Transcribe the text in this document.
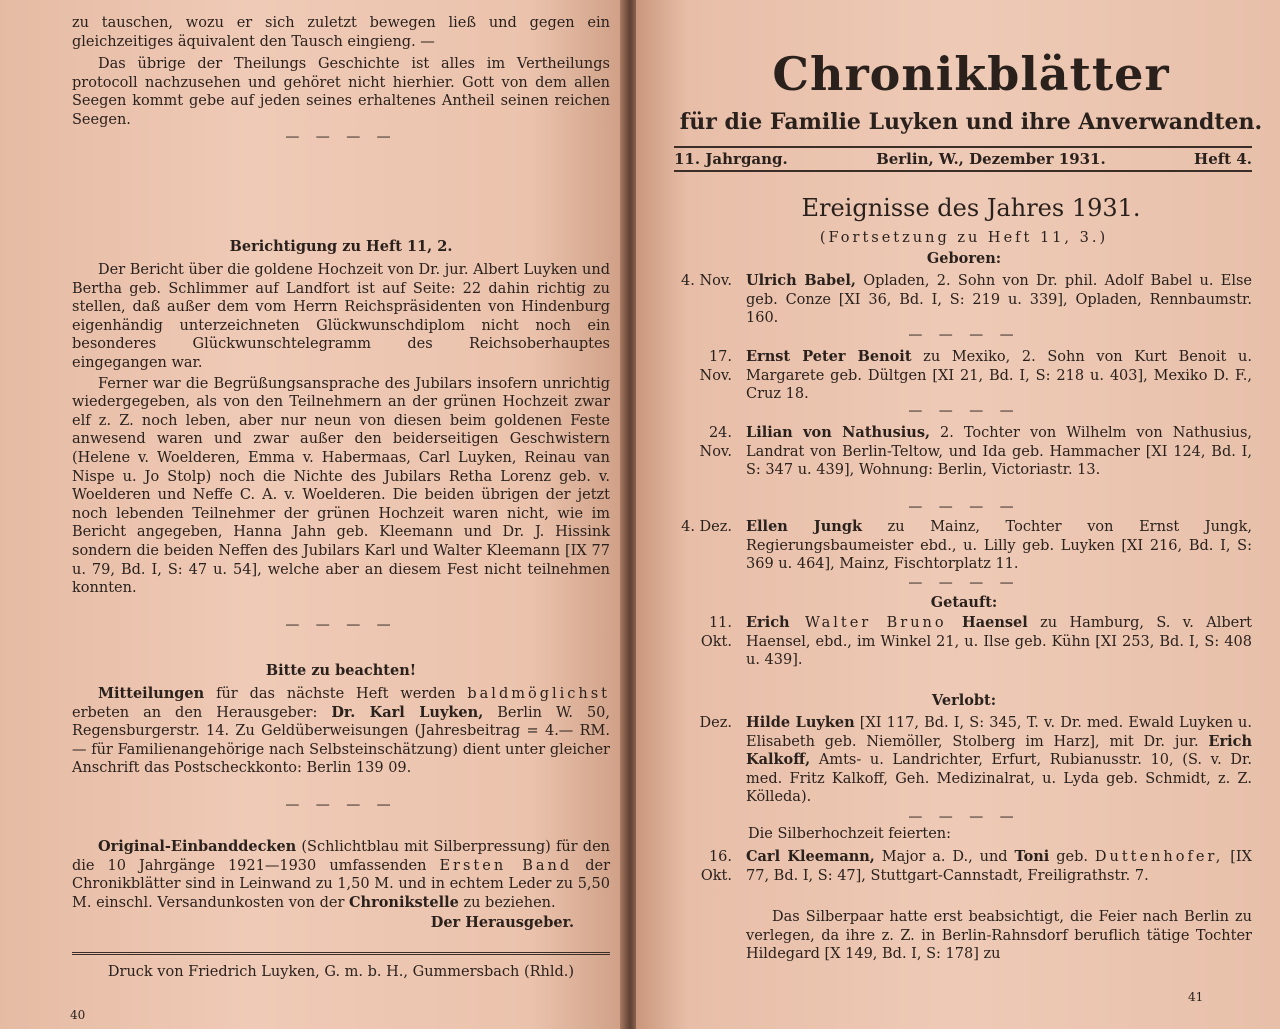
zu tauschen, wozu er sich zuletzt bewegen ließ und gegen ein gleichzeitiges äquivalent den Tausch eingieng. —

Das übrige der Theilungs Geschichte ist alles im Vertheilungs protocoll nachzusehen und gehöret nicht hierhier. Gott von dem allen Seegen kommt gebe auf jeden seines erhaltenes Antheil seinen reichen Seegen.

— — — —

Berichtigung zu Heft 11, 2.

Der Bericht über die goldene Hochzeit von Dr. jur. Albert Luyken und Bertha geb. Schlimmer auf Landfort ist auf Seite: 22 dahin richtig zu stellen, daß außer dem vom Herrn Reichspräsidenten von Hindenburg eigenhändig unterzeichneten Glückwunschdiplom nicht noch ein besonderes Glückwunschtelegramm des Reichsoberhauptes eingegangen war.

Ferner war die Begrüßungsansprache des Jubilars insofern unrichtig wiedergegeben, als von den Teilnehmern an der grünen Hochzeit zwar elf z. Z. noch leben, aber nur neun von diesen beim goldenen Feste anwesend waren und zwar außer den beiderseitigen Geschwistern (Helene v. Woelderen, Emma v. Habermaas, Carl Luyken, Reinau van Nispe u. Jo Stolp) noch die Nichte des Jubilars Retha Lorenz geb. v. Woelderen und Neffe C. A. v. Woelderen. Die beiden übrigen der jetzt noch lebenden Teilnehmer der grünen Hochzeit waren nicht, wie im Bericht angegeben, Hanna Jahn geb. Kleemann und Dr. J. Hissink sondern die beiden Neffen des Jubilars Karl und Walter Kleemann [IX 77 u. 79, Bd. I, S: 47 u. 54], welche aber an diesem Fest nicht teilnehmen konnten.

— — — —

Bitte zu beachten!

Mitteilungen für das nächste Heft werden baldmöglichst erbeten an den Herausgeber: Dr. Karl Luyken, Berlin W. 50, Regensburgerstr. 14. Zu Geldüberweisungen (Jahresbeitrag = 4.— RM. — für Familienangehörige nach Selbsteinschätzung) dient unter gleicher Anschrift das Postscheckkonto: Berlin 139 09.

— — — —

Original-Einbanddecken (Schlichtblau mit Silberpressung) für den die 10 Jahrgänge 1921—1930 umfassenden Ersten Band der Chronikblätter sind in Leinwand zu 1,50 M. und in echtem Leder zu 5,50 M. einschl. Versandunkosten von der Chronikstelle zu beziehen.

Der Herausgeber.

Druck von Friedrich Luyken, G. m. b. H., Gummersbach (Rhld.)
40
Chronikblätter
für die Familie Luyken und ihre Anverwandten.
11. Jahrgang.	Berlin, W., Dezember 1931.	Heft 4.
Ereignisse des Jahres 1931.
(Fortsetzung zu Heft 11, 3.)
Geboren:
4. Nov. Ulrich Babel, Opladen, 2. Sohn von Dr. phil. Adolf Babel u. Else geb. Conze [XI 36, Bd. I, S: 219 u. 339], Opladen, Rennbaumstr. 160.
— — — —
17. Nov.
Ernst Peter Benoit zu Mexiko, 2. Sohn von Kurt Benoit u. Margarete geb. Dültgen [XI 21, Bd. I, S: 218 u. 403], Mexiko D. F., Cruz 18.
— — — —
24. Nov.
Lilian von Nathusius, 2. Tochter von Wilhelm von Nathusius, Landrat von Berlin-Teltow, und Ida geb. Hammacher [XI 124, Bd. I, S: 347 u. 439], Wohnung: Berlin, Victoriastr. 13.
— — — —
4. Dez. Ellen Jungk zu Mainz, Tochter von Ernst Jungk, Regierungsbaumeister ebd., u. Lilly geb. Luyken [XI 216, Bd. I, S: 369 u. 464], Mainz, Fischtorplatz 11.
— — — —
Getauft:
11. Okt.
Erich Walter Bruno Haensel zu Hamburg, S. v. Albert Haensel, ebd., im Winkel 21, u. Ilse geb. Kühn [XI 253, Bd. I, S: 408 u. 439].
Verlobt:
Dez. Hilde Luyken [XI 117, Bd. I, S: 345, T. v. Dr. med. Ewald Luyken u. Elisabeth geb. Niemöller, Stolberg im Harz], mit Dr. jur. Erich Kalkoff, Amts- u. Landrichter, Erfurt, Rubianusstr. 10, (S. v. Dr. med. Fritz Kalkoff, Geh. Medizinalrat, u. Lyda geb. Schmidt, z. Z. Kölleda).
— — — —
Die Silberhochzeit feierten:
16. Okt.
Carl Kleemann, Major a. D., und Toni geb. Duttenhofer, [IX 77, Bd. I, S: 47], Stuttgart-Cannstadt, Freiligrathstr. 7.

Das Silberpaar hatte erst beabsichtigt, die Feier nach Berlin zu verlegen, da ihre z. Z. in Berlin-Rahnsdorf beruflich tätige Tochter Hildegard [X 149, Bd. I, S: 178] zu

41
